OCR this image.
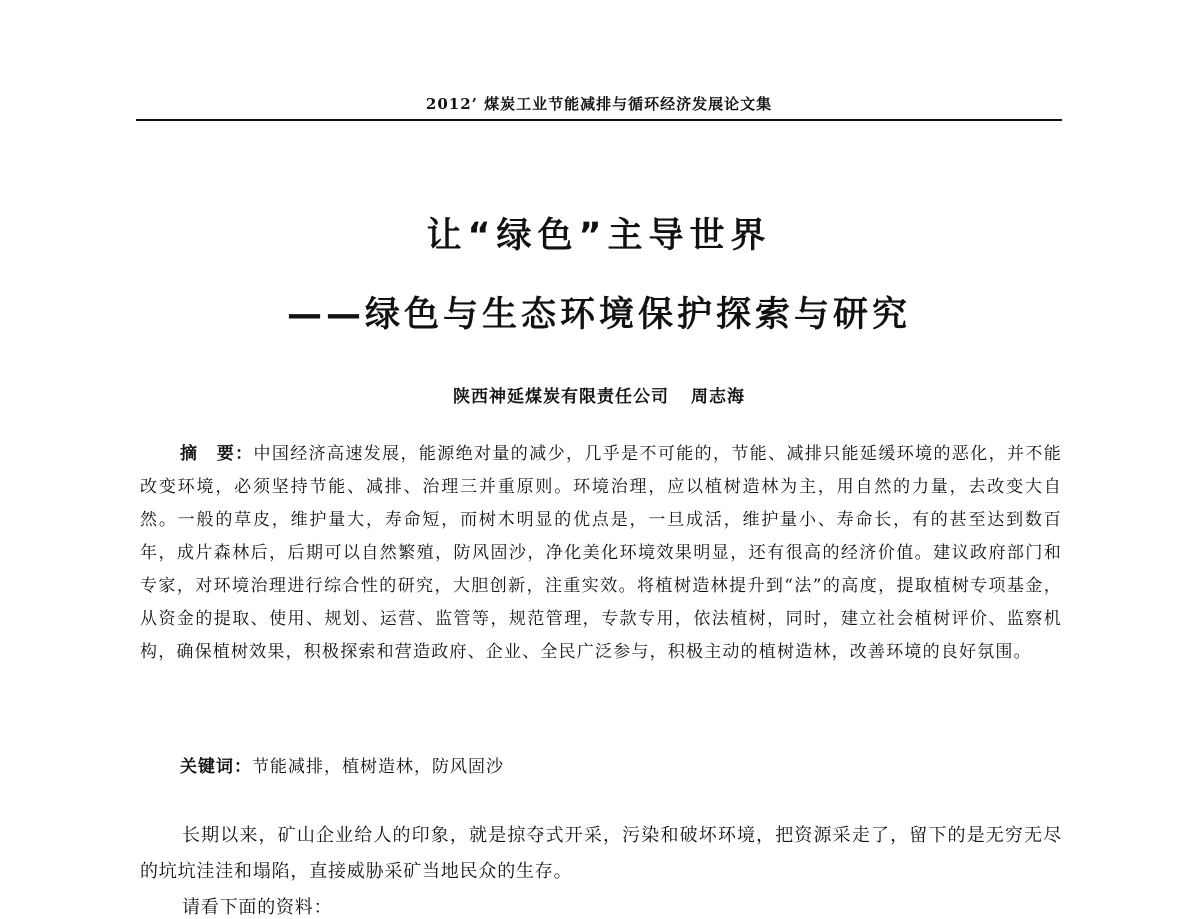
2012’ 煤炭工业节能减排与循环经济发展论文集
让“绿色”主导世界
——绿色与生态环境保护探索与研究
陕西神延煤炭有限责任公司 周志海

摘　要：中国经济高速发展，能源绝对量的减少，几乎是不可能的，节能、减排只能延缓环境的恶化，并不能改变环境，必须坚持节能、减排、治理三并重原则。环境治理，应以植树造林为主，用自然的力量，去改变大自然。一般的草皮，维护量大，寿命短，而树木明显的优点是，一旦成活，维护量小、寿命长，有的甚至达到数百年，成片森林后，后期可以自然繁殖，防风固沙，净化美化环境效果明显，还有很高的经济价值。建议政府部门和专家，对环境治理进行综合性的研究，大胆创新，注重实效。将植树造林提升到“法”的高度，提取植树专项基金，从资金的提取、使用、规划、运营、监管等，规范管理，专款专用，依法植树，同时，建立社会植树评价、监察机构，确保植树效果，积极探索和营造政府、企业、全民广泛参与，积极主动的植树造林，改善环境的良好氛围。

关键词：节能减排，植树造林，防风固沙

长期以来，矿山企业给人的印象，就是掠夺式开采，污染和破坏环境，把资源采走了，留下的是无穷无尽的坑坑洼洼和塌陷，直接威胁采矿当地民众的生存。

请看下面的资料：
